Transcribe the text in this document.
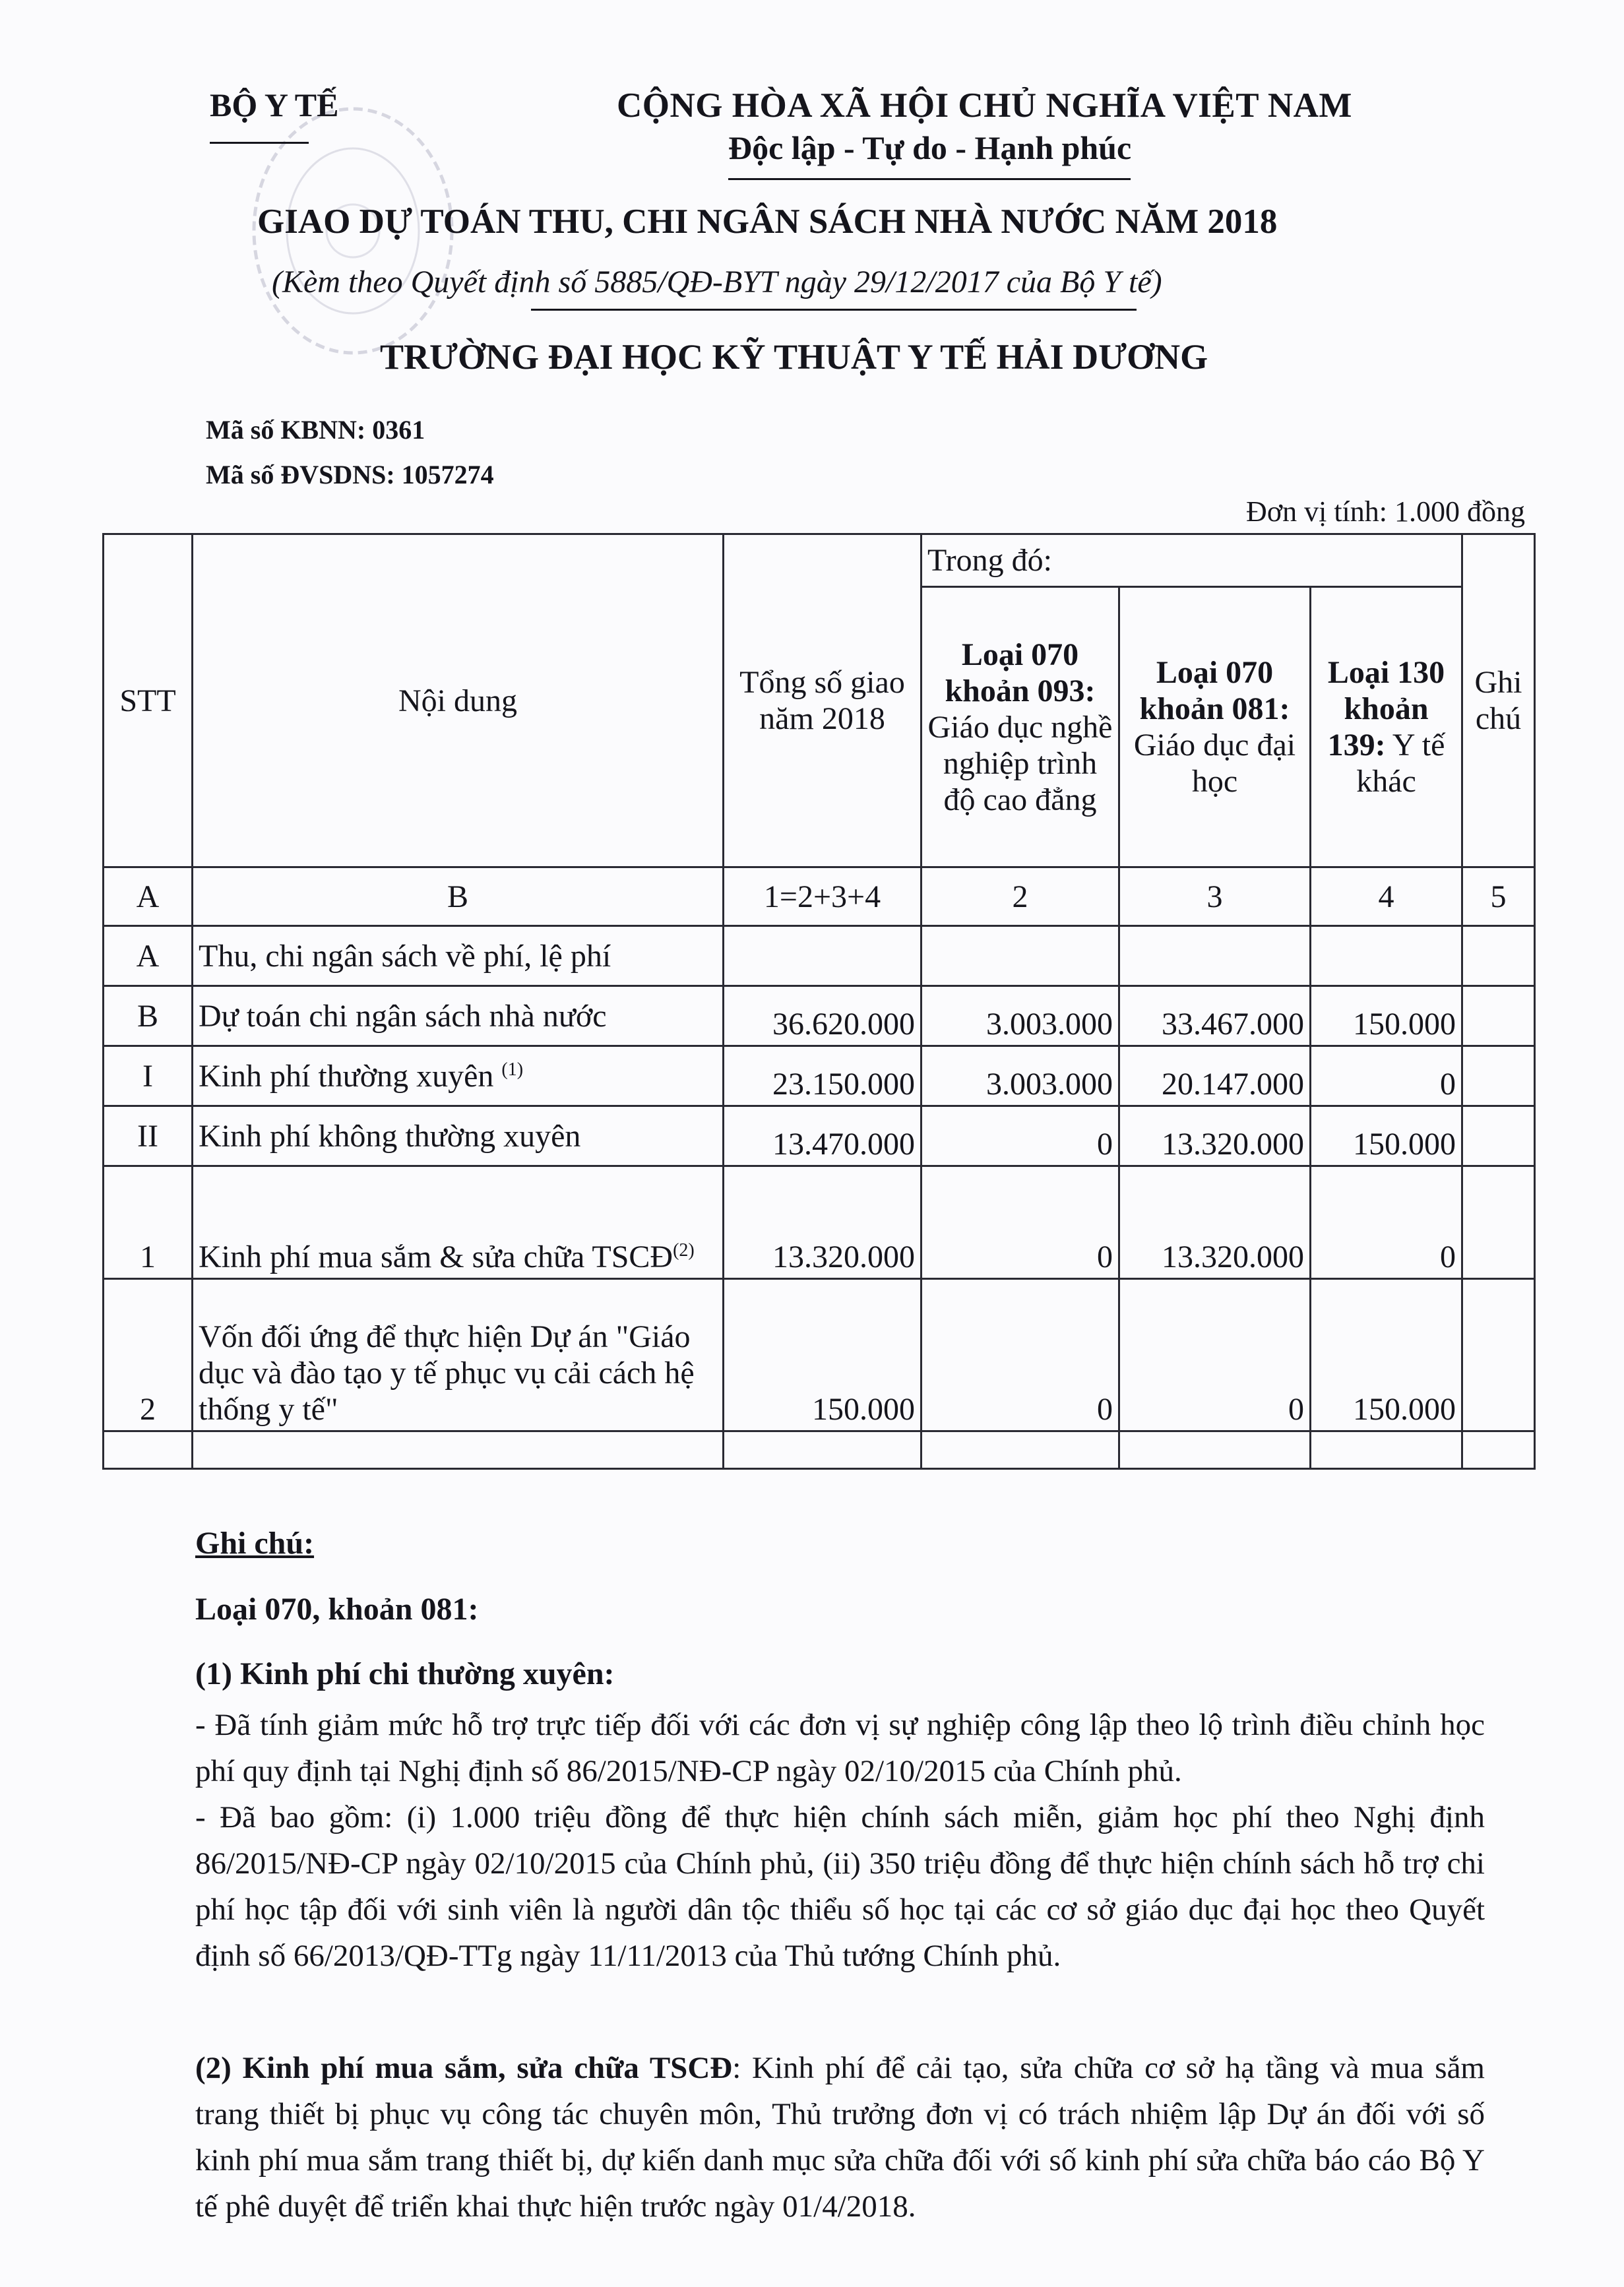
BỘ Y TẾ	CỘNG HÒA XÃ HỘI CHỦ NGHĨA VIỆT NAM
Độc lập - Tự do - Hạnh phúc
GIAO DỰ TOÁN THU, CHI NGÂN SÁCH NHÀ NƯỚC NĂM 2018
(Kèm theo Quyết định số 5885/QĐ-BYT ngày 29/12/2017 của Bộ Y tế)
TRƯỜNG ĐẠI HỌC KỸ THUẬT Y TẾ HẢI DƯƠNG
Mã số KBNN: 0361
Mã số ĐVSDNS: 1057274
Đơn vị tính: 1.000 đồng
STT	Nội dung	Tổng số giao năm 2018	Trong đó:			Ghi chú
			Loại 070 khoản 093: Giáo dục nghề nghiệp trình độ cao đẳng	Loại 070 khoản 081: Giáo dục đại học	Loại 130 khoản 139: Y tế khác	
A	B	1=2+3+4	2	3	4	5
A	Thu, chi ngân sách về phí, lệ phí					
B	Dự toán chi ngân sách nhà nước	36.620.000	3.003.000	33.467.000	150.000	
I	Kinh phí thường xuyên $^{(1)}$	23.150.000	3.003.000	20.147.000	0	
II	Kinh phí không thường xuyên	13.470.000	0	13.320.000	150.000	
1	Kinh phí mua sắm & sửa chữa TSCĐ$^{(2)}$	13.320.000	0	13.320.000	0	
2	Vốn đối ứng để thực hiện Dự án "Giáo dục và đào tạo y tế phục vụ cải cách hệ thống y tế"	150.000	0	0	150.000	

Ghi chú:
Loại 070, khoản 081:
(1) Kinh phí chi thường xuyên:
- Đã tính giảm mức hỗ trợ trực tiếp đối với các đơn vị sự nghiệp công lập theo lộ trình điều chỉnh học phí quy định tại Nghị định số 86/2015/NĐ-CP ngày 02/10/2015 của Chính phủ.
- Đã bao gồm: (i) 1.000 triệu đồng để thực hiện chính sách miễn, giảm học phí theo Nghị định 86/2015/NĐ-CP ngày 02/10/2015 của Chính phủ, (ii) 350 triệu đồng để thực hiện chính sách hỗ trợ chi phí học tập đối với sinh viên là người dân tộc thiểu số học tại các cơ sở giáo dục đại học theo Quyết định số 66/2013/QĐ-TTg ngày 11/11/2013 của Thủ tướng Chính phủ.
(2) Kinh phí mua sắm, sửa chữa TSCĐ: Kinh phí để cải tạo, sửa chữa cơ sở hạ tầng và mua sắm trang thiết bị phục vụ công tác chuyên môn, Thủ trưởng đơn vị có trách nhiệm lập Dự án đối với số kinh phí mua sắm trang thiết bị, dự kiến danh mục sửa chữa đối với số kinh phí sửa chữa báo cáo Bộ Y tế phê duyệt để triển khai thực hiện trước ngày 01/4/2018.
